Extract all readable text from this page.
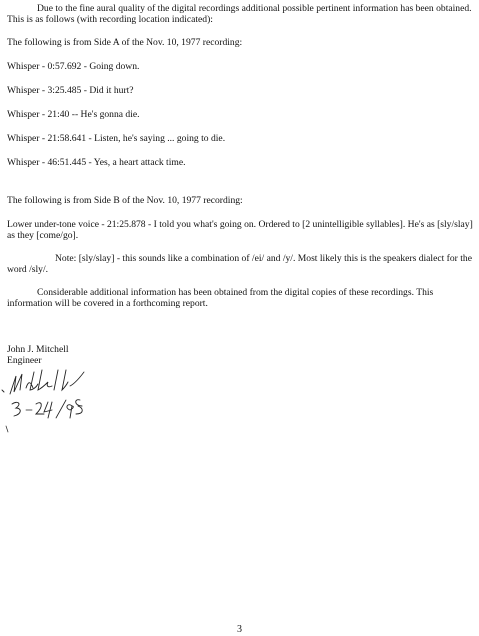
Due to the fine aural quality of the digital recordings additional possible pertinent information has been obtained. This is as follows (with recording location indicated):

The following is from Side A of the Nov. 10, 1977 recording:

Whisper - 0:57.692 - Going down.

Whisper - 3:25.485 - Did it hurt?

Whisper - 21:40 -- He's gonna die.

Whisper - 21:58.641 - Listen, he's saying ... going to die.

Whisper - 46:51.445 - Yes, a heart attack time.

The following is from Side B of the Nov. 10, 1977 recording:

Lower under-tone voice - 21:25.878 - I told you what's going on. Ordered to [2 unintelligible syllables]. He's as [sly/slay] as they [come/go].

Note: [sly/slay] - this sounds like a combination of /ei/ and /y/. Most likely this is the speakers dialect for the word /sly/.

Considerable additional information has been obtained from the digital copies of these recordings. This information will be covered in a forthcoming report.

John J. Mitchell

Engineer

3
